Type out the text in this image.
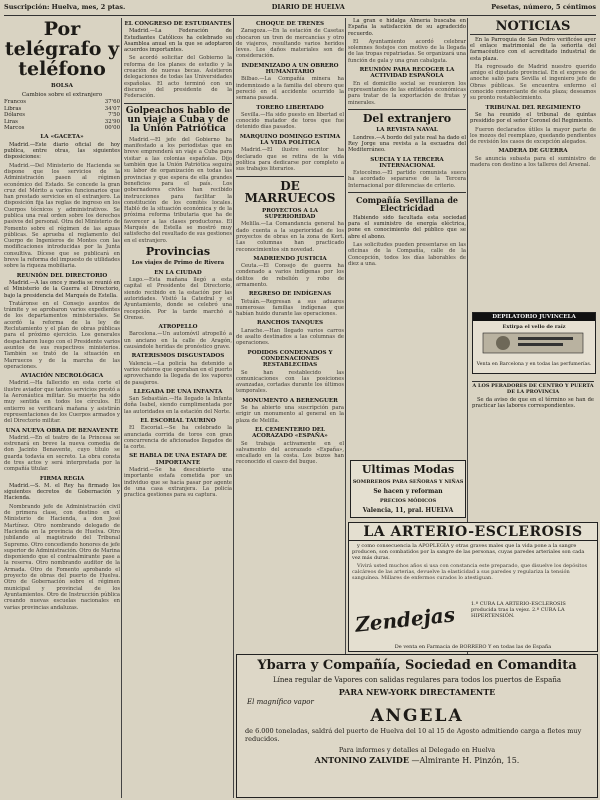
Suscripción: Huelva, mes, 2 ptas.	DIARIO DE HUELVA	Pesetas, número, 5 céntimos
Por telégrafo y teléfono
BOLSA
Cambios sobre el extranjero
Francos	37'60
Libras	34'07
Dólares	7'50
Liras	32'90
Marcos	00'00
LA «GACETA»

Madrid.—Este diario oficial de hoy publica, entre otras, las siguientes disposiciones:

Madrid.—Del Ministerio de Hacienda se dispone que los servicios de la Administración pasen al régimen económico del Estado. Se concede la gran cruz del Mérito a varios funcionarios que han prestado servicios en el extranjero. La disposición fija las reglas de ingreso en los Cuerpos técnicos y administrativos. Se publica una real orden sobre los derechos pasivos del personal. Otra del Ministerio de Fomento sobre el régimen de las aguas públicas. Se aprueba el reglamento del Cuerpo de Ingenieros de Montes con las modificaciones introducidas por la Junta consultiva. Dícese que se publicará en breve la reforma del impuesto de utilidades sobre la riqueza mobiliaria.

REUNIÓN DEL DIRECTORIO

Madrid.—A las once y media se reunió en el Ministerio de la Guerra el Directorio, bajo la presidencia del Marqués de Estella.

Tratáronse en el Consejo asuntos de trámite y se aprobaron varios expedientes de los departamentos ministeriales. Se acordó la reforma de la ley de Reclutamiento y el plan de obras públicas para el próximo ejercicio. Los generales despacharon luego con el Presidente varios asuntos de sus respectivos ministerios. También se trató de la situación en Marruecos y de la marcha de las operaciones.

AVIACIÓN NECROLÓGICA

Madrid.—Ha fallecido en esta corte el ilustre aviador que tantos servicios prestó a la Aeronáutica militar. Su muerte ha sido muy sentida en todos los círculos. El entierro se verificará mañana y asistirán representaciones de los Cuerpos armados y del Directorio militar.

UNA NUEVA OBRA DE BENAVENTE

Madrid.—En el teatro de la Princesa se estrenará en breve la nueva comedia de don Jacinto Benavente, cuyo título se guarda todavía en secreto. La obra consta de tres actos y será interpretada por la compañía titular.

FIRMA REGIA

Madrid.—S. M. el Rey ha firmado los siguientes decretos de Gobernación y Hacienda.

Nombrando jefe de Administración civil de primera clase, con destino en el Ministerio de Hacienda, a don José Martínez. Otro nombrando delegado de Hacienda en la provincia de Huelva. Otro jubilando al magistrado del Tribunal Supremo. Otro concediendo honores de jefe superior de Administración. Otro de Marina disponiendo que el contraalmirante pase a la reserva. Otro nombrando auditor de la Armada. Otro de Fomento aprobando el proyecto de obras del puerto de Huelva. Otro de Gobernación sobre el régimen municipal y provincial de los Ayuntamientos. Otro de Instrucción pública creando nuevas escuelas nacionales en varias provincias andaluzas.

EL CONGRESO DE ESTUDIANTES

Madrid.—La Federación de Estudiantes Católicos ha celebrado su Asamblea anual en la que se adoptaron acuerdos importantes.

Se acordó solicitar del Gobierno la reforma de los planes de estudio y la creación de nuevas becas. Asistieron delegaciones de todas las Universidades españolas. El acto terminó con un discurso del presidente de la Federación.

Golpeachos hablo de un viaje a Cuba y de la Unión Patriótica

Madrid.—El jefe del Gobierno ha manifestado a los periodistas que en breve emprenderá un viaje a Cuba para visitar a las colonias españolas. Dijo también que la Unión Patriótica seguirá su labor de organización en todas las provincias y que espera de ella grandes beneficios para el país. Los gobernadores civiles han recibido instrucciones para facilitar la constitución de los comités locales. Habló de la situación económica y de la próxima reforma tributaria que ha de favorecer a las clases productoras. El Marqués de Estella se mostró muy satisfecho del resultado de sus gestiones en el extranjero.

Provincias
Los viajes de Primo de Rivera
EN LA CIUDAD

Lugo.—Esta mañana llegó a esta capital el Presidente del Directorio, siendo recibido en la estación por las autoridades. Visitó la Catedral y el Ayuntamiento, donde se celebró una recepción. Por la tarde marchó a Orense.

ATROPELLO

Barcelona.—Un automóvil atropelló a un anciano en la calle de Aragón, causándole heridas de pronóstico grave.

RATERISMOS DISGUSTADOS

Valencia.—La policía ha detenido a varios rateros que operaban en el puerto aprovechando la llegada de los vapores de pasajeros.

LLEGADA DE UNA INFANTA

San Sebastián.—Ha llegado la Infanta doña Isabel, siendo cumplimentada por las autoridades en la estación del Norte.

EL ESCORIAL TAURINO

El Escorial.—Se ha celebrado la anunciada corrida de toros con gran concurrencia de aficionados llegados de la corte.

SE HABLA DE UNA ESTAFA DE IMPORTANTE

Madrid.—Se ha descubierto una importante estafa cometida por un individuo que se hacía pasar por agente de una casa extranjera. La policía practica gestiones para su captura.

CHOQUE DE TRENES

Zaragoza.—En la estación de Casetas chocaron un tren de mercancías y otro de viajeros, resultando varios heridos leves. Los daños materiales son de consideración.

INDEMNIZADO A UN OBRERO HUMANITARIO

Bilbao.—La Compañía minera ha indemnizado a la familia del obrero que pereció en el accidente ocurrido la semana pasada.

TORERO LIBERTADO

Sevilla.—Ha sido puesto en libertad el conocido matador de toros que fue detenido días pasados.

MARQUINO DOMINGO ESTIMA LA VIDA POLÍTICA

Madrid.—El ilustre escritor ha declarado que se retira de la vida política para dedicarse por completo a sus trabajos literarios.

DE MARRUECOS
PROYECTOS A LA SUPERIORIDAD

Melilla.—La Comandancia general ha dado cuenta a la superioridad de los proyectos de obras en la zona de Kert. Las columnas han practicado reconocimientos sin novedad.

MADRIENDO JUSTICIA

Ceuta.—El Consejo de guerra ha condenado a varios indígenas por los delitos de rebelión y robo de armamento.

REGRESO DE INDÍGENAS

Tetuán.—Regresan a sus aduares numerosas familias indígenas que habían huido durante las operaciones.

RANCHOS TANQUES

Larache.—Han llegado varios carros de asalto destinados a las columnas de operaciones.

PODIDOS CONDENADOS Y CONDENACIONES RESTABLECIDAS

Se han restablecido las comunicaciones con las posiciones avanzadas, cortadas durante los últimos temporales.

MONUMENTO A BERENGUER

Se ha abierto una suscripción para erigir un monumento al general en la plaza de Melilla.

EL CEMENTERIO DEL ACORAZADO «ESPAÑA»

Se trabaja activamente en el salvamento del acorazado «España», encallado en la costa. Los buzos han reconocido el casco del buque.

La gran e hidalga Almería buscaba en España la satisfacción de su agradecido recuerdo.

El Ayuntamiento acordó celebrar solemnes festejos con motivo de la llegada de las tropas repatriadas. Se organizará una función de gala y una gran cabalgata.

REUNIÓN PARA RECOGER LA ACTIVIDAD ESPAÑOLA

En el domicilio social se reunieron los representantes de las entidades económicas para tratar de la exportación de frutas y minerales.

Del extranjero
LA REVISTA NAVAL

Londres.—A bordo del yate real ha dado el Rey Jorge una revista a la escuadra del Mediterráneo.

SUECIA Y LA TERCERA INTERNACIONAL

Estocolmo.—El partido comunista sueco ha acordado separarse de la Tercera Internacional por diferencias de criterio.

Compañía Sevillana de Electricidad

Habiendo sido facultada esta sociedad para el suministro de energía eléctrica, pone en conocimiento del público que se abre el abono.

Las solicitudes pueden presentarse en las oficinas de la Compañía, calle de la Concepción, todos los días laborables de diez a una.

Ultimas Modas
SOMBREROS PARA SEÑORAS Y NIÑAS
Se hacen y reforman
PRECIOS MÓDICOS
Valencia, 11, pral. HUELVA
NOTICIAS

En la Parroquia de San Pedro verificóse ayer el enlace matrimonial de la señorita del farmacéutico con el acreditado industrial de esta plaza.

Ha regresado de Madrid nuestro querido amigo el diputado provincial. En el expreso de anoche salió para Sevilla el ingeniero jefe de Obras públicas. Se encuentra enfermo el conocido comerciante de esta plaza; deseamos su pronto restablecimiento.

TRIBUNAL DEL REGIMIENTO

Se ha reunido el tribunal de quintas presidido por el señor Coronel del Regimiento.

Fueron declarados útiles la mayor parte de los mozos del reemplazo, quedando pendientes de revisión los casos de excepción alegados.

MADERA DE GUERRA

Se anuncia subasta para el suministro de madera con destino a los talleres del Arsenal.

DEPILATORIO JUVINCELA
Extirpa el vello de raíz
Venta en Barcelona y en todas las perfumerías.
A LOS PERADORES DE CENTRO Y PUERTA DE LA PROVINCIA

Se da aviso de que en el término se han de practicar las labores correspondientes.

LA ARTERIO-ESCLEROSIS

y como consecuencia la APOPLEGIA y otras graves males que la vida pone a la sangre producen, son combatidos por la sangre de las personas, cuyas paredes arteriales son cada vez más duras.

Vivirá usted muchos años si usa con constancia este preparado, que disuelve los depósitos calcáreos de las arterias, devuelve la elasticidad a sus paredes y regulariza la tensión sanguínea. Millares de enfermos curados lo atestiguan.

Zendejas	1.º CURA LA ARTERIO-ESCLEROSIS producida tras la vejez. 2.º CURA LA HIPERTENSIÓN.
De venta en Farmacia de BORRERO Y en todas las de España
Ybarra y Compañía, Sociedad en Comandita
Línea regular de Vapores con salidas regulares para todos los puertos de España
PARA NEW-YORK DIRECTAMENTE
El magnífico vapor
ANGELA

de 6.000 toneladas, saldrá del puerto de Huelva del 10 al 15 de Agosto admitiendo carga a fletes muy reducidos.

Para informes y detalles al Delegado en Huelva
ANTONINO ZALVIDE —Almirante H. Pinzón, 15.
